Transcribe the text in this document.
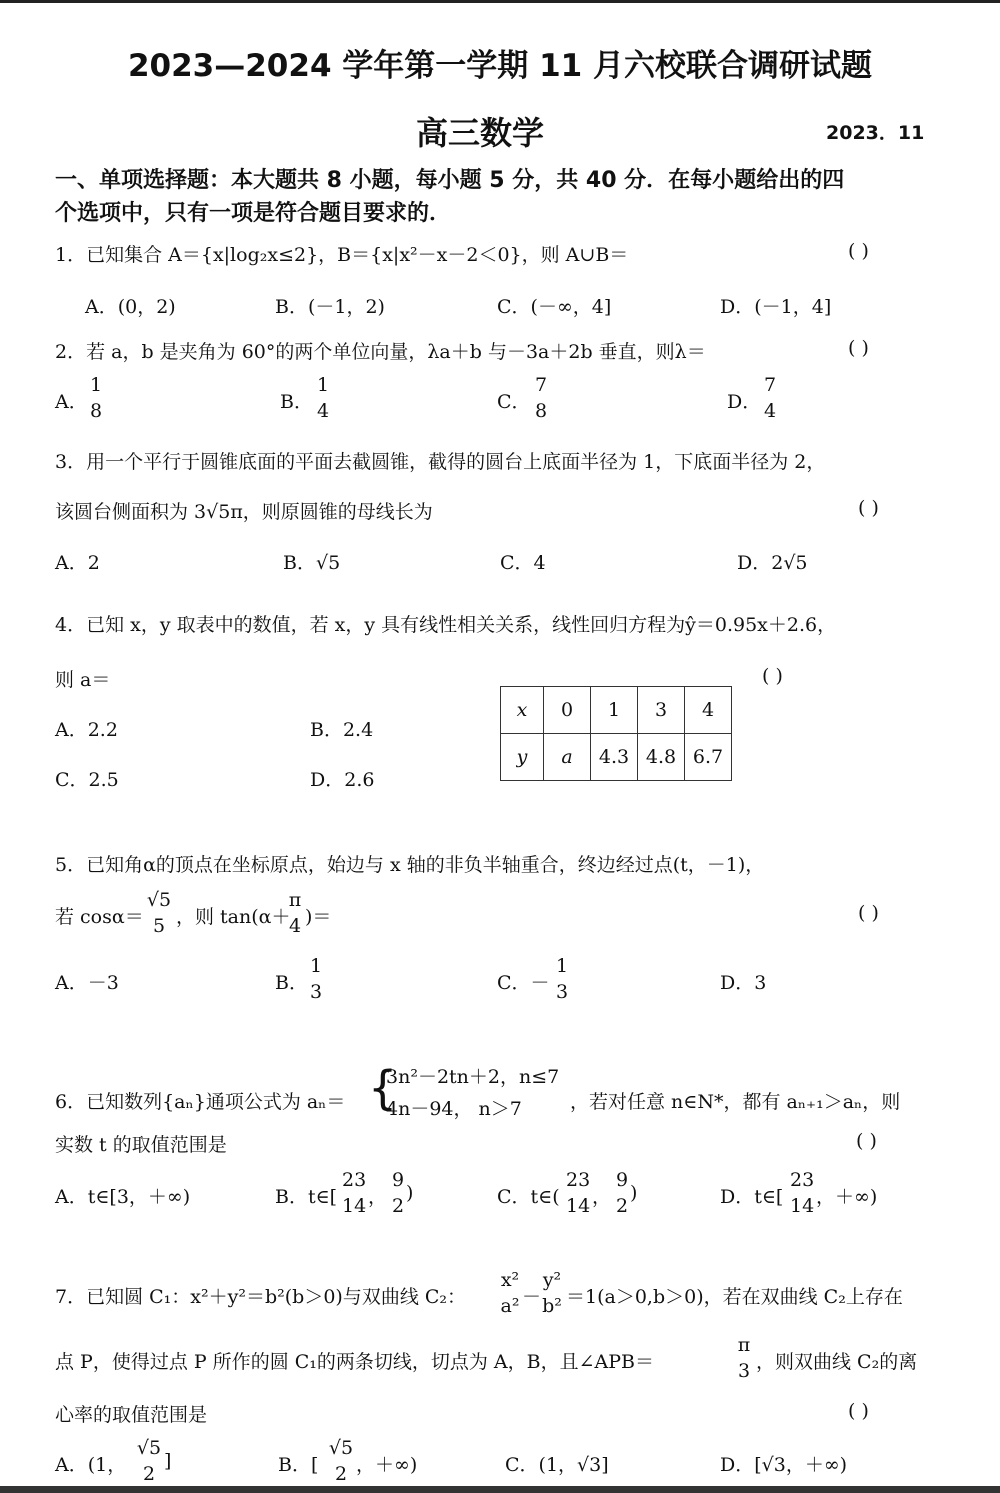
2023—2024 学年第一学期 11 月六校联合调研试题
高三数学	2023．11
一、单项选择题：本大题共 8 小题，每小题 5 分，共 40 分．在每小题给出的四
个选项中，只有一项是符合题目要求的．
1．已知集合 A＝{x|log₂x≤2}，B＝{x|x²－x－2＜0}，则 A∪B＝	( )
A．(0，2)	B．(－1，2)	C．(－∞，4]	D．(－1，4]
2．若 a，b 是夹角为 60°的两个单位向量，λa＋b 与－3a＋2b 垂直，则λ＝	( )
A．
1
8	B．
1
4	C．
7
8	D．
7
4
3．用一个平行于圆锥底面的平面去截圆锥，截得的圆台上底面半径为 1，下底面半径为 2，
该圆台侧面积为 3√5π，则原圆锥的母线长为	( )
A．2	B．√5	C．4	D．2√5
4．已知 x，y 取表中的数值，若 x，y 具有线性相关关系，线性回归方程为ŷ＝0.95x＋2.6，
则 a＝	( )
A．2.2	B．2.4
C．2.5	D．2.6
x	0	1	3	4
y	a	4.3	4.8	6.7
5．已知角α的顶点在坐标原点，始边与 x 轴的非负半轴重合，终边经过点(t，－1)，
若 cosα＝
√5
5 ，则 tan(α＋
π
4 )＝	( )
A．－3	B．
1
3	C．－
1
3	D．3
6．已知数列{aₙ}通项公式为 aₙ＝ {
3n²－2tn＋2，n≤7
4n－94， n＞7	，若对任意 n∈N*，都有 aₙ₊₁＞aₙ，则
实数 t 的取值范围是	( )
A．t∈[3，＋∞)	B．t∈[
23
14 ，
9
2
)	C．t∈(
23
14 ，
9
2
)	D．t∈[
23
14 ，＋∞)
7．已知圆 C₁：x²＋y²＝b²(b＞0)与双曲线 C₂：
x²
a² －
y²
b² ＝1(a＞0,b＞0)，若在双曲线 C₂上存在
点 P，使得过点 P 所作的圆 C₁的两条切线，切点为 A，B，且∠APB＝
π
3 ，则双曲线 C₂的离
心率的取值范围是	( )
A．(1，
√5
2
]	B．[
√5
2 ，＋∞)	C．(1，√3]	D．[√3，＋∞)
